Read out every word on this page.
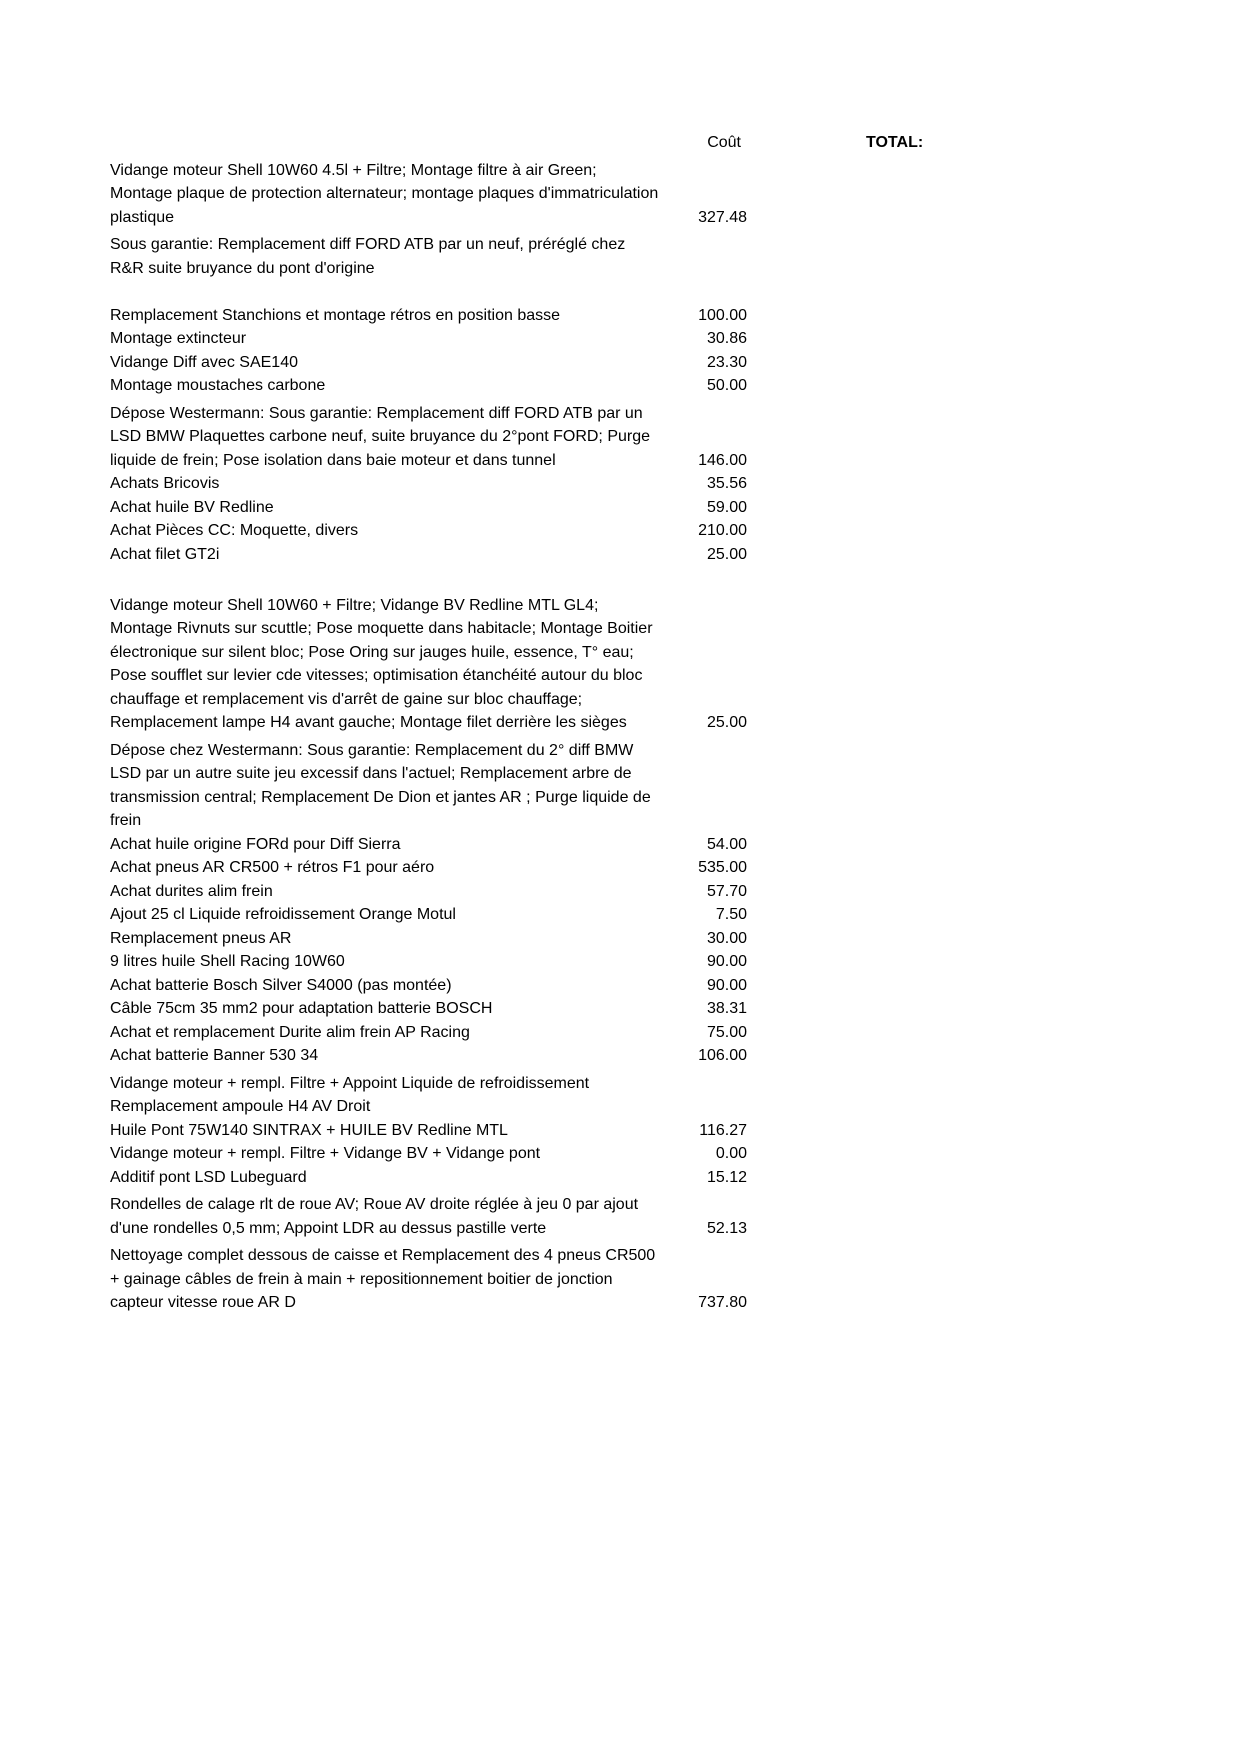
Coût	TOTAL:
Vidange moteur Shell 10W60 4.5l + Filtre; Montage filtre à air Green; Montage plaque de protection alternateur; montage plaques d'immatriculation plastique	327.48
Sous garantie: Remplacement diff FORD ATB par un neuf, préréglé chez R&R suite bruyance du pont d'origine
Remplacement Stanchions et montage rétros en position basse	100.00
Montage extincteur	30.86
Vidange Diff avec SAE140	23.30
Montage moustaches carbone	50.00
Dépose Westermann: Sous garantie: Remplacement diff FORD ATB par un LSD BMW Plaquettes carbone neuf, suite bruyance du 2°pont FORD; Purge liquide de frein; Pose isolation dans baie moteur et dans tunnel	146.00
Achats Bricovis	35.56
Achat huile BV Redline	59.00
Achat Pièces CC: Moquette, divers	210.00
Achat filet GT2i	25.00
Vidange moteur Shell 10W60 + Filtre; Vidange BV Redline MTL GL4; Montage Rivnuts sur scuttle; Pose moquette dans habitacle; Montage Boitier électronique sur silent bloc; Pose Oring sur jauges huile, essence, T° eau; Pose soufflet sur levier cde vitesses; optimisation étanchéité autour du bloc chauffage et remplacement vis d'arrêt de gaine sur bloc chauffage; Remplacement lampe H4 avant gauche; Montage filet derrière les sièges	25.00
Dépose chez Westermann: Sous garantie: Remplacement du 2° diff BMW LSD par un autre suite jeu excessif dans l'actuel; Remplacement arbre de transmission central; Remplacement De Dion et jantes AR ; Purge liquide de frein
Achat huile origine FORd pour Diff Sierra	54.00
Achat pneus AR CR500 + rétros F1 pour aéro	535.00
Achat durites alim frein	57.70
Ajout 25 cl Liquide refroidissement Orange Motul	7.50
Remplacement pneus AR	30.00
9 litres huile Shell Racing 10W60	90.00
Achat batterie Bosch Silver S4000 (pas montée)	90.00
Câble 75cm 35 mm2 pour adaptation batterie BOSCH	38.31
Achat et remplacement Durite alim frein AP Racing	75.00
Achat batterie Banner 530 34	106.00
Vidange moteur + rempl. Filtre + Appoint Liquide de refroidissement
Remplacement ampoule H4 AV Droit
Huile Pont 75W140 SINTRAX + HUILE BV Redline MTL	116.27
Vidange moteur + rempl. Filtre + Vidange BV + Vidange pont	0.00
Additif pont LSD Lubeguard	15.12
Rondelles de calage rlt de roue AV; Roue AV droite réglée à jeu 0 par ajout d'une rondelles 0,5 mm; Appoint LDR au dessus pastille verte	52.13
Nettoyage complet dessous de caisse et Remplacement des 4 pneus CR500 + gainage câbles de frein à main + repositionnement boitier de jonction capteur vitesse roue AR D	737.80
